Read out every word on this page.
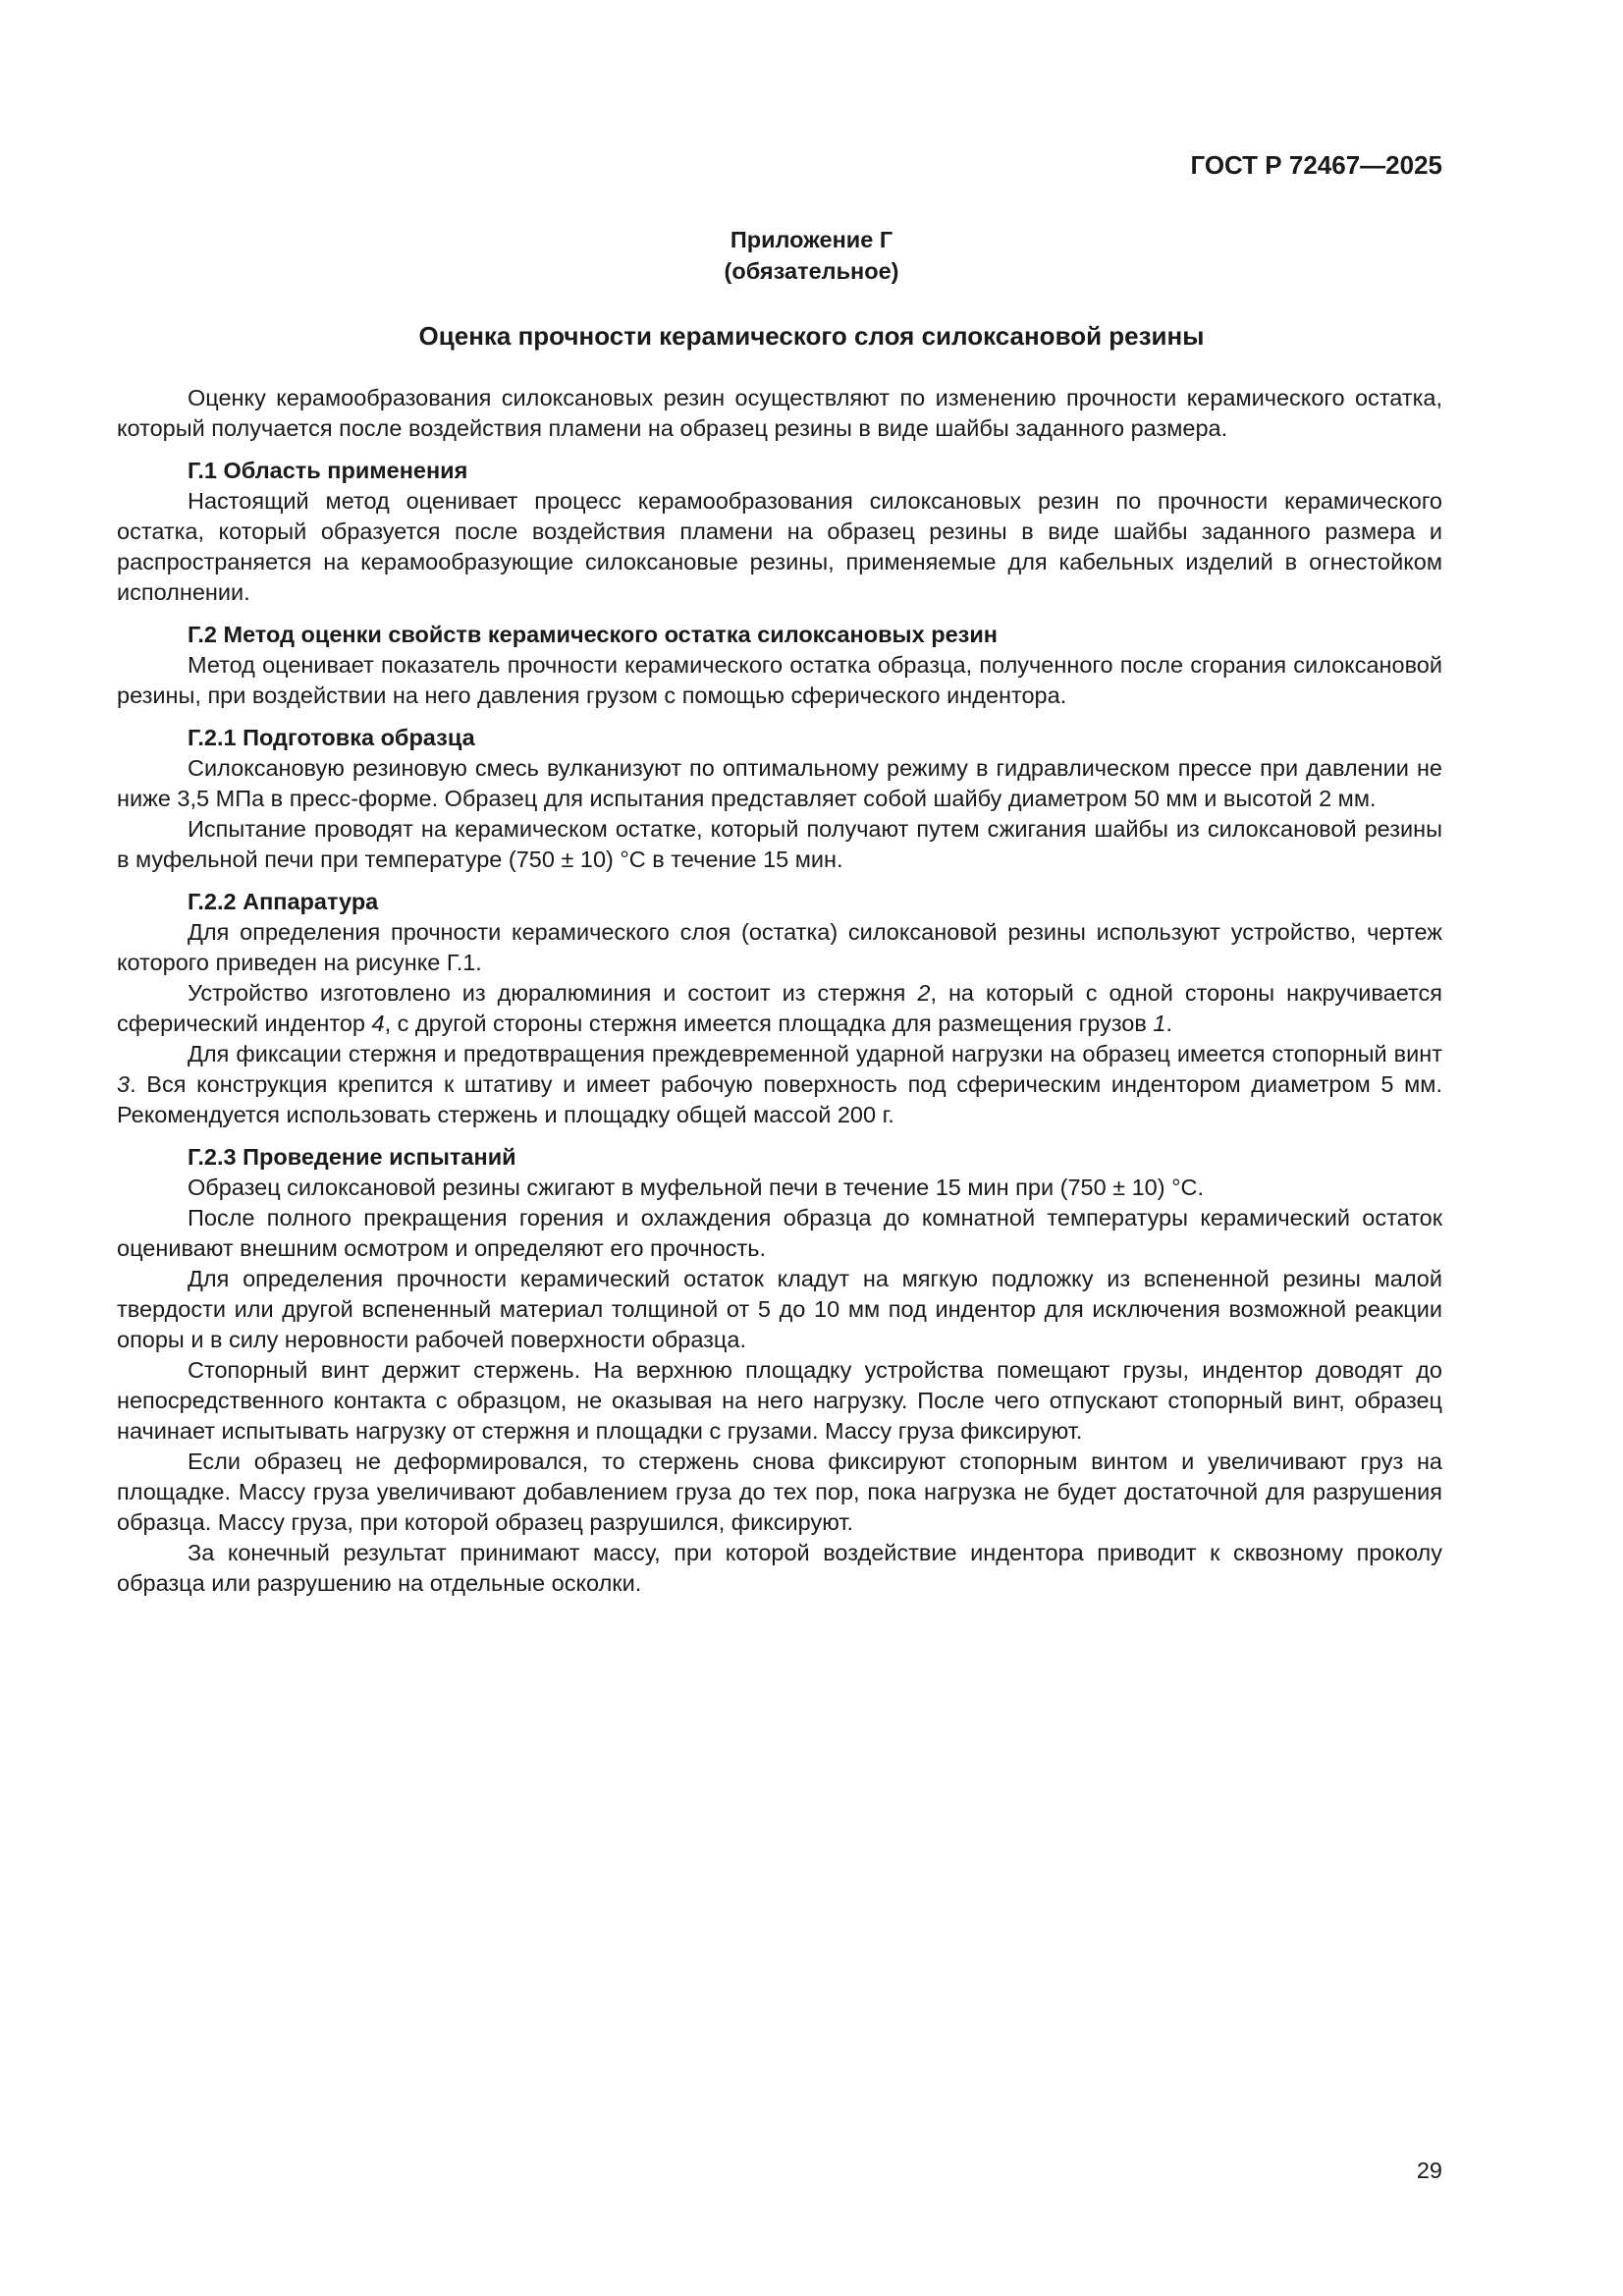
ГОСТ Р 72467—2025
Приложение Г
(обязательное)
Оценка прочности керамического слоя силоксановой резины

Оценку керамообразования силоксановых резин осуществляют по изменению прочности керамического остатка, который получается после воздействия пламени на образец резины в виде шайбы заданного размера.

Г.1 Область применения

Настоящий метод оценивает процесс керамообразования силоксановых резин по прочности керамического остатка, который образуется после воздействия пламени на образец резины в виде шайбы заданного размера и распространяется на керамообразующие силоксановые резины, применяемые для кабельных изделий в огнестойком исполнении.

Г.2 Метод оценки свойств керамического остатка силоксановых резин

Метод оценивает показатель прочности керамического остатка образца, полученного после сгорания силоксановой резины, при воздействии на него давления грузом с помощью сферического индентора.

Г.2.1 Подготовка образца

Силоксановую резиновую смесь вулканизуют по оптимальному режиму в гидравлическом прессе при давлении не ниже 3,5 МПа в пресс-форме. Образец для испытания представляет собой шайбу диаметром 50 мм и высотой 2 мм.

Испытание проводят на керамическом остатке, который получают путем сжигания шайбы из силоксановой резины в муфельной печи при температуре (750 ± 10) °С в течение 15 мин.

Г.2.2 Аппаратура

Для определения прочности керамического слоя (остатка) силоксановой резины используют устройство, чертеж которого приведен на рисунке Г.1.

Устройство изготовлено из дюралюминия и состоит из стержня 2, на который с одной стороны накручивается сферический индентор 4, с другой стороны стержня имеется площадка для размещения грузов 1.

Для фиксации стержня и предотвращения преждевременной ударной нагрузки на образец имеется стопорный винт 3. Вся конструкция крепится к штативу и имеет рабочую поверхность под сферическим индентором диаметром 5 мм. Рекомендуется использовать стержень и площадку общей массой 200 г.

Г.2.3 Проведение испытаний

Образец силоксановой резины сжигают в муфельной печи в течение 15 мин при (750 ± 10) °С.

После полного прекращения горения и охлаждения образца до комнатной температуры керамический остаток оценивают внешним осмотром и определяют его прочность.

Для определения прочности керамический остаток кладут на мягкую подложку из вспененной резины малой твердости или другой вспененный материал толщиной от 5 до 10 мм под индентор для исключения возможной реакции опоры и в силу неровности рабочей поверхности образца.

Стопорный винт держит стержень. На верхнюю площадку устройства помещают грузы, индентор доводят до непосредственного контакта с образцом, не оказывая на него нагрузку. После чего отпускают стопорный винт, образец начинает испытывать нагрузку от стержня и площадки с грузами. Массу груза фиксируют.

Если образец не деформировался, то стержень снова фиксируют стопорным винтом и увеличивают груз на площадке. Массу груза увеличивают добавлением груза до тех пор, пока нагрузка не будет достаточной для разрушения образца. Массу груза, при которой образец разрушился, фиксируют.

За конечный результат принимают массу, при которой воздействие индентора приводит к сквозному проколу образца или разрушению на отдельные осколки.

29
